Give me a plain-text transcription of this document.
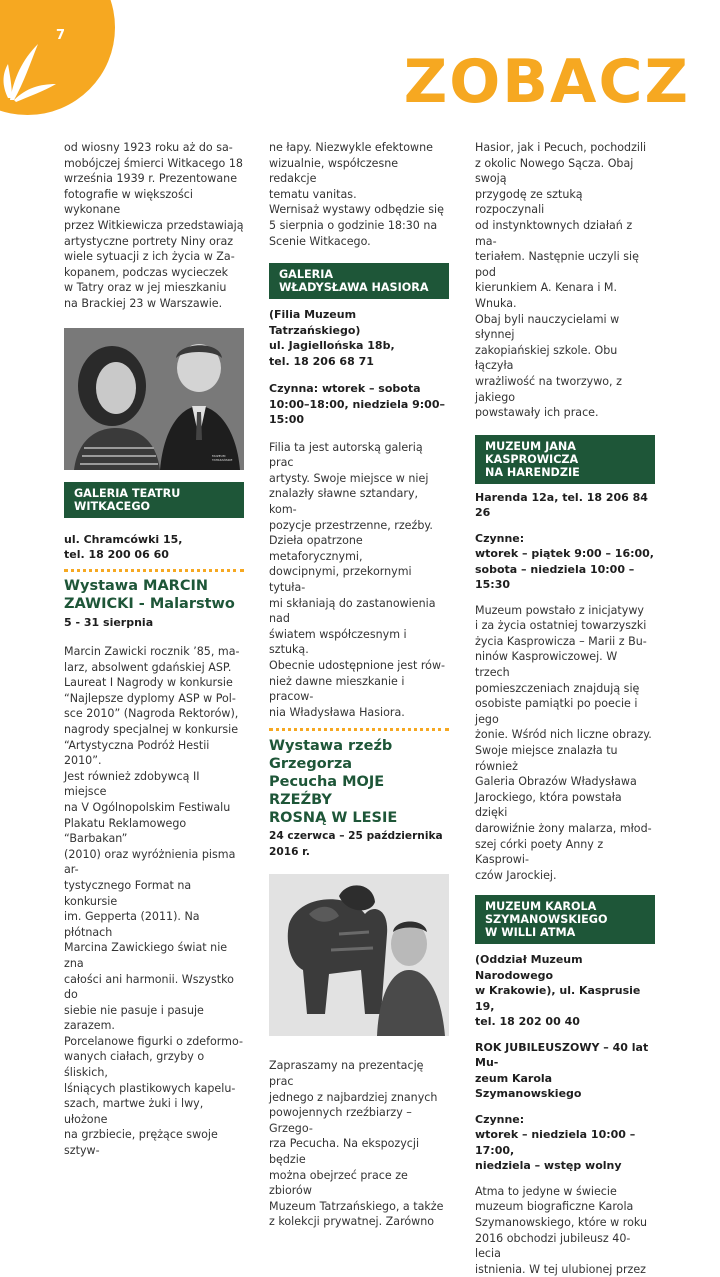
7
ZOBACZ

od wiosny 1923 roku aż do sa-
mobójczej śmierci Witkacego 18
września 1939 r. Prezentowane
fotografie w większości wykonane
przez Witkiewicza przedstawiają
artystyczne portrety Niny oraz
wiele sytuacji z ich życia w Za-
kopanem, podczas wycieczek
w Tatry oraz w jej mieszkaniu
na Brackiej 23 w Warszawie.

MUZEUM TATRZAŃSKIE
GALERIA TEATRU
WITKACEGO

ul. Chramcówki 15,
tel. 18 200 06 60

Wystawa MARCIN
ZAWICKI - Malarstwo

5 - 31 sierpnia

Marcin Zawicki rocznik ’85, ma-
larz, absolwent gdańskiej ASP.
Laureat I Nagrody w konkursie
“Najlepsze dyplomy ASP w Pol-
sce 2010” (Nagroda Rektorów),
nagrody specjalnej w konkursie
“Artystyczna Podróż Hestii 2010”.
Jest również zdobywcą II miejsce
na V Ogólnopolskim Festiwalu
Plakatu Reklamowego “Barbakan”
(2010) oraz wyróżnienia pisma ar-
tystycznego Format na konkursie
im. Gepperta (2011). Na płótnach
Marcina Zawickiego świat nie zna
całości ani harmonii. Wszystko do
siebie nie pasuje i pasuje zarazem.
Porcelanowe figurki o zdeformo-
wanych ciałach, grzyby o śliskich,
lśniących plastikowych kapelu-
szach, martwe żuki i lwy, ułożone
na grzbiecie, prężące swoje sztyw-

ne łapy. Niezwykle efektowne
wizualnie, współczesne redakcje
tematu vanitas.
Wernisaż wystawy odbędzie się
5 sierpnia o godzinie 18:30 na
Scenie Witkacego.

GALERIA
WŁADYSŁAWA HASIORA

(Filia Muzeum Tatrzańskiego)
ul. Jagiellońska 18b,
tel. 18 206 68 71

Czynna: wtorek – sobota
10:00–18:00, niedziela 9:00–15:00

Filia ta jest autorską galerią prac
artysty. Swoje miejsce w niej
znalazły sławne sztandary, kom-
pozycje przestrzenne, rzeźby.
Dzieła opatrzone metaforycznymi,
dowcipnymi, przekornymi tytuła-
mi skłaniają do zastanowienia nad
światem współczesnym i sztuką.
Obecnie udostępnione jest rów-
nież dawne mieszkanie i pracow-
nia Władysława Hasiora.

Wystawa rzeźb Grzegorza
Pecucha MOJE RZEŹBY
ROSNĄ W LESIE

24 czerwca – 25 października 2016 r.

Zapraszamy na prezentację prac
jednego z najbardziej znanych
powojennych rzeźbiarzy – Grzego-
rza Pecucha. Na ekspozycji będzie
można obejrzeć prace ze zbiorów
Muzeum Tatrzańskiego, a także
z kolekcji prywatnej. Zarówno

Hasior, jak i Pecuch, pochodzili
z okolic Nowego Sącza. Obaj swoją
przygodę ze sztuką rozpoczynali
od instynktownych działań z ma-
teriałem. Następnie uczyli się pod
kierunkiem A. Kenara i M. Wnuka.
Obaj byli nauczycielami w słynnej
zakopiańskiej szkole. Obu łączyła
wrażliwość na tworzywo, z jakiego
powstawały ich prace.

MUZEUM JANA
KASPROWICZA
NA HARENDZIE

Harenda 12a, tel. 18 206 84 26

Czynne:
wtorek – piątek 9:00 – 16:00,
sobota – niedziela 10:00 – 15:30

Muzeum powstało z inicjatywy
i za życia ostatniej towarzyszki
życia Kasprowicza – Marii z Bu-
ninów Kasprowiczowej. W trzech
pomieszczeniach znajdują się
osobiste pamiątki po poecie i jego
żonie. Wśród nich liczne obrazy.
Swoje miejsce znalazła tu również
Galeria Obrazów Władysława
Jarockiego, która powstała dzięki
darowiźnie żony malarza, młod-
szej córki poety Anny z Kasprowi-
czów Jarockiej.

MUZEUM KAROLA
SZYMANOWSKIEGO
W WILLI ATMA

(Oddział Muzeum Narodowego
w Krakowie), ul. Kasprusie 19,
tel. 18 202 00 40

ROK JUBILEUSZOWY – 40 lat Mu-
zeum Karola Szymanowskiego

Czynne:
wtorek – niedziela 10:00 – 17:00,
niedziela – wstęp wolny

Atma to jedyne w świecie
muzeum biograficzne Karola
Szymanowskiego, które w roku
2016 obchodzi jubileusz 40-lecia
istnienia. W tej ulubionej przez
